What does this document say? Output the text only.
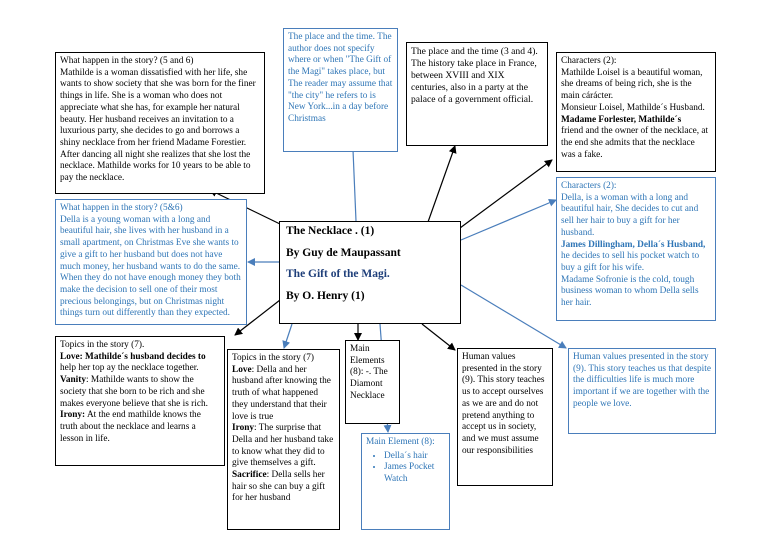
What happen in the story? (5 and 6)

Mathilde is a woman dissatisfied with her life, she wants to show society that she was born for the finer things in life. She is a woman who does not appreciate what she has, for example her natural beauty. Her husband receives an invitation to a luxurious party, she decides to go and borrows a shiny necklace from her friend Madame Forestier. After dancing all night she realizes that she lost the necklace. Mathilde works for 10 years to be able to pay the necklace.

The place and the time. The author does not specify where or when "The Gift of the Magi" takes place, but The reader may assume that "the city" he refers to is New York...in a day before Christmas

The place and the time (3 and 4).

The history take place in France, between XVIII and XIX centuries, also in a party at the palace of a government official.

Characters (2):

Mathilde Loisel is a beautiful woman, she dreams of being rich, she is the main cárácter.

Monsieur Loisel, Mathilde´s Husband.

Madame Forlester, Mathilde´s

friend and the owner of the necklace, at the end she admits that the necklace was a fake.

What happen in the story? (5&6)

Della is a young woman with a long and beautiful hair, she lives with her husband in a small apartment, on Christmas Eve she wants to give a gift to her husband but does not have much money, her husband wants to do the same. When they do not have enough money they both make the decision to sell one of their most precious belongings, but on Christmas night things turn out differently than they expected.

The Necklace . (1)

By Guy de Maupassant

The Gift of the Magi.

By O. Henry (1)

Characters (2):

Della, is a woman with a long and beautiful hair, She decides to cut and sell her hair to buy a gift for her husband.

James Dillingham, Della´s Husband,

he decides to sell his pocket watch to buy a gift for his wife.

Madame Sofronie is the cold, tough business woman to whom Della sells her hair.

Topics in the story (7).

Love: Mathilde´s husband decides to help her top ay the necklace together.

Vanity: Mathilde wants to show the society that she born to be rich and she makes everyone believe that she is rich.

Irony: At the end mathilde knows the truth about the necklace and learns a lesson in life.

Topics in the story (7)

Love: Della and her husband after knowing the truth of what happened they understand that their love is true

Irony: The surprise that Della and her husband take to know what they did to give themselves a gift.

Sacrifice: Della sells her hair so she can buy a gift for her husband

Main Elements (8): -. The Diamont Necklace

Main Element (8):

• Della´s hair
• James Pocket Watch

Human values presented in the story (9). This story teaches us to accept ourselves as we are and do not pretend anything to accept us in society, and we must assume our responsibilities

Human values presented in the story (9). This story teaches us that despite the difficulties life is much more important if we are together with the people we love.
